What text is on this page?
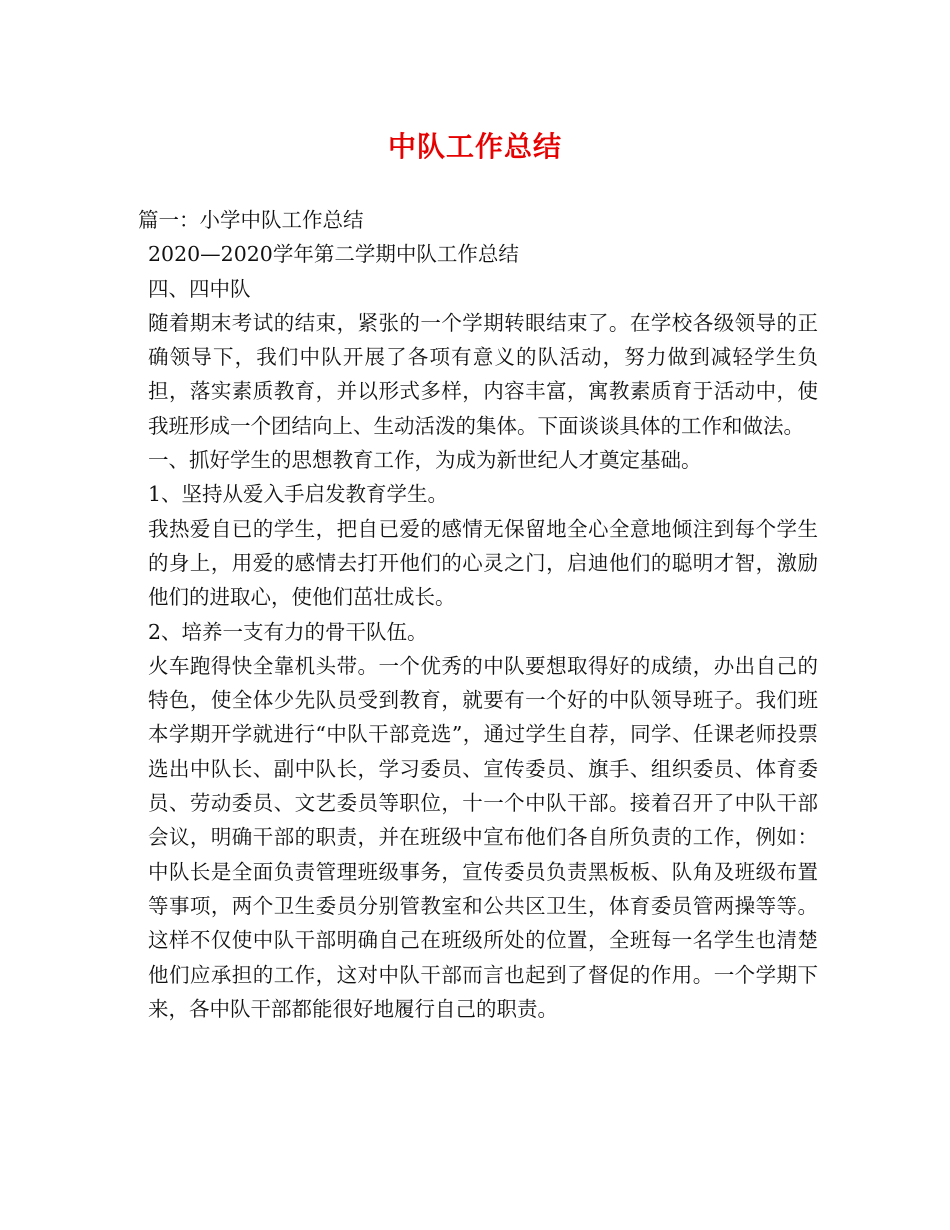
中队工作总结

篇一：小学中队工作总结

2020—2020学年第二学期中队工作总结

四、四中队

随着期末考试的结束，紧张的一个学期转眼结束了。在学校各级领导的正确领导下，我们中队开展了各项有意义的队活动，努力做到减轻学生负担，落实素质教育，并以形式多样，内容丰富，寓教素质育于活动中，使我班形成一个团结向上、生动活泼的集体。下面谈谈具体的工作和做法。

一、抓好学生的思想教育工作，为成为新世纪人才奠定基础。

1、坚持从爱入手启发教育学生。

我热爱自已的学生，把自已爱的感情无保留地全心全意地倾注到每个学生的身上，用爱的感情去打开他们的心灵之门，启迪他们的聪明才智，激励他们的进取心，使他们茁壮成长。

2、培养一支有力的骨干队伍。

火车跑得快全靠机头带。一个优秀的中队要想取得好的成绩，办出自己的特色，使全体少先队员受到教育，就要有一个好的中队领导班子。我们班本学期开学就进行“中队干部竞选”，通过学生自荐，同学、任课老师投票选出中队长、副中队长，学习委员、宣传委员、旗手、组织委员、体育委员、劳动委员、文艺委员等职位，十一个中队干部。接着召开了中队干部会议，明确干部的职责，并在班级中宣布他们各自所负责的工作，例如：中队长是全面负责管理班级事务，宣传委员负责黑板板、队角及班级布置等事项，两个卫生委员分别管教室和公共区卫生，体育委员管两操等等。这样不仅使中队干部明确自己在班级所处的位置，全班每一名学生也清楚他们应承担的工作，这对中队干部而言也起到了督促的作用。一个学期下来，各中队干部都能很好地履行自己的职责。
